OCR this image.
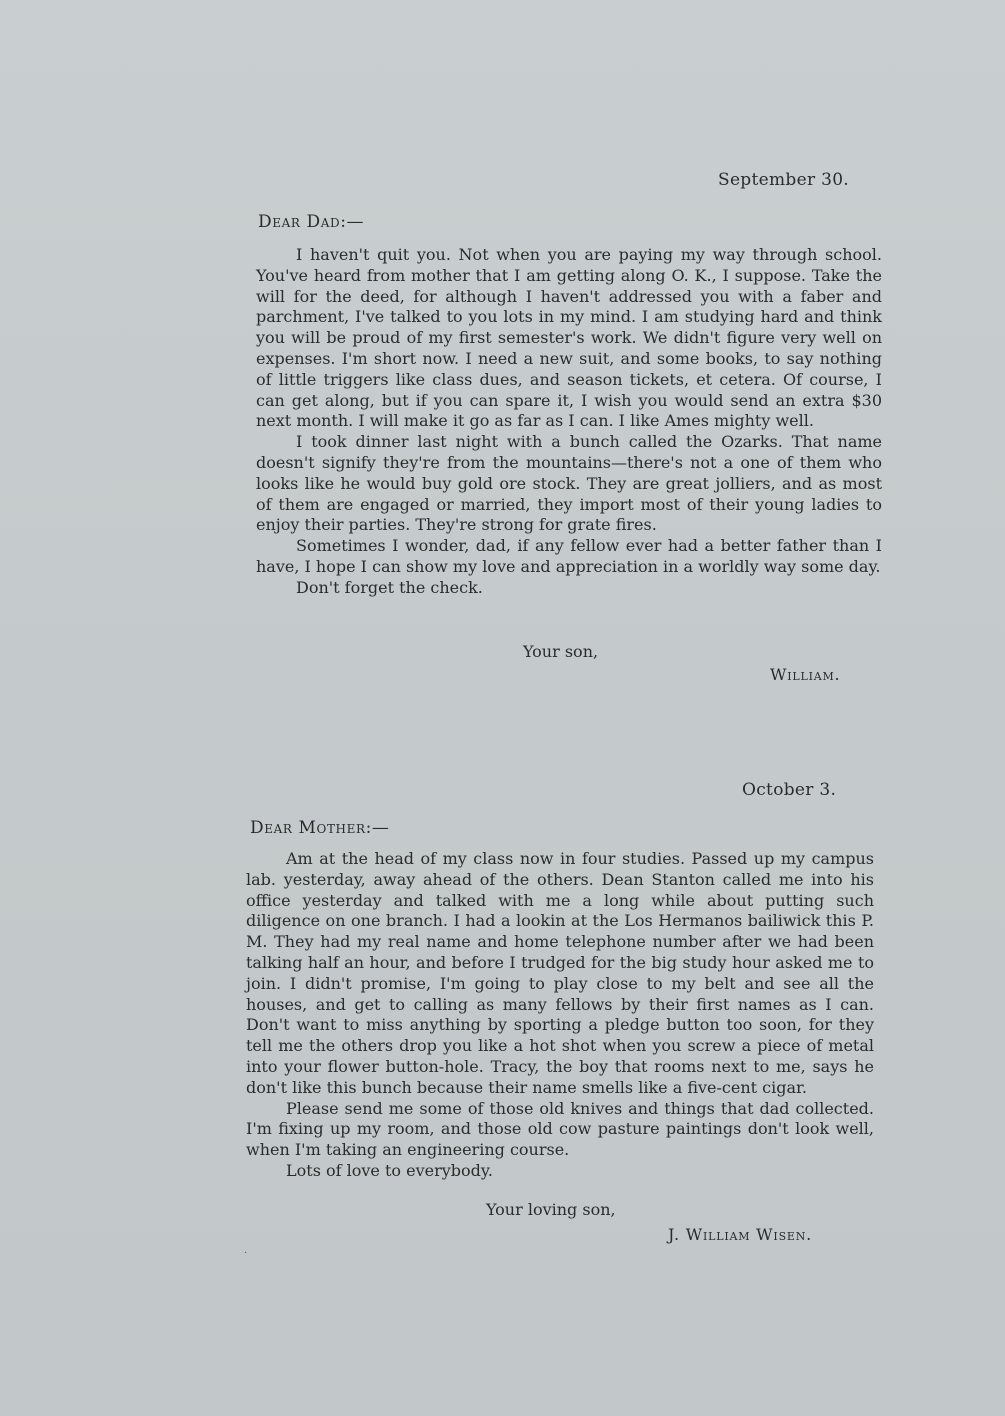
September 30.
Dear Dad:—

I haven't quit you. Not when you are paying my way through school. You've heard from mother that I am getting along O. K., I suppose. Take the will for the deed, for although I haven't addressed you with a faber and parchment, I've talked to you lots in my mind. I am studying hard and think you will be proud of my first semester's work. We didn't figure very well on expenses. I'm short now. I need a new suit, and some books, to say nothing of little triggers like class dues, and season tickets, et cetera. Of course, I can get along, but if you can spare it, I wish you would send an extra $30 next month. I will make it go as far as I can. I like Ames mighty well.

I took dinner last night with a bunch called the Ozarks. That name doesn't signify they're from the mountains—there's not a one of them who looks like he would buy gold ore stock. They are great jolliers, and as most of them are engaged or married, they import most of their young ladies to enjoy their parties. They're strong for grate fires.

Sometimes I wonder, dad, if any fellow ever had a better father than I have, I hope I can show my love and appreciation in a worldly way some day.

Don't forget the check.

Your son,
William.
October 3.
Dear Mother:—

Am at the head of my class now in four studies. Passed up my campus lab. yesterday, away ahead of the others. Dean Stanton called me into his office yesterday and talked with me a long while about putting such diligence on one branch. I had a lookin at the Los Hermanos bailiwick this P. M. They had my real name and home telephone number after we had been talking half an hour, and before I trudged for the big study hour asked me to join. I didn't promise, I'm going to play close to my belt and see all the houses, and get to calling as many fellows by their first names as I can. Don't want to miss anything by sporting a pledge button too soon, for they tell me the others drop you like a hot shot when you screw a piece of metal into your flower button-hole. Tracy, the boy that rooms next to me, says he don't like this bunch because their name smells like a five-cent cigar.

Please send me some of those old knives and things that dad collected. I'm fixing up my room, and those old cow pasture paintings don't look well, when I'm taking an engineering course.

Lots of love to everybody.

Your loving son,
J. William Wisen.
·
